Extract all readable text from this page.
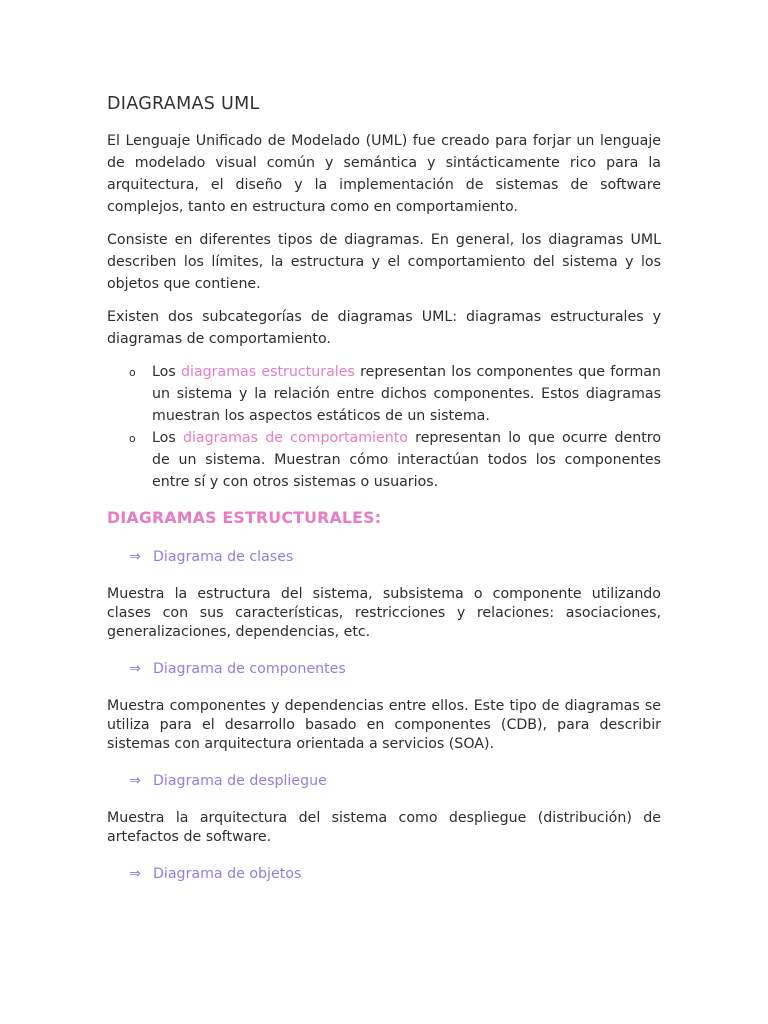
DIAGRAMAS UML

El Lenguaje Unificado de Modelado (UML) fue creado para forjar un lenguaje de modelado visual común y semántica y sintácticamente rico para la arquitectura, el diseño y la implementación de sistemas de software complejos, tanto en estructura como en comportamiento.

Consiste en diferentes tipos de diagramas. En general, los diagramas UML describen los límites, la estructura y el comportamiento del sistema y los objetos que contiene.

Existen dos subcategorías de diagramas UML: diagramas estructurales y diagramas de comportamiento.

o Los diagramas estructurales representan los componentes que forman un sistema y la relación entre dichos componentes. Estos diagramas muestran los aspectos estáticos de un sistema.
o Los diagramas de comportamiento representan lo que ocurre dentro de un sistema. Muestran cómo interactúan todos los componentes entre sí y con otros sistemas o usuarios.
DIAGRAMAS ESTRUCTURALES:
⇒ Diagrama de clases

Muestra la estructura del sistema, subsistema o componente utilizando clases con sus características, restricciones y relaciones: asociaciones, generalizaciones, dependencias, etc.

⇒ Diagrama de componentes

Muestra componentes y dependencias entre ellos. Este tipo de diagramas se utiliza para el desarrollo basado en componentes (CDB), para describir sistemas con arquitectura orientada a servicios (SOA).

⇒ Diagrama de despliegue

Muestra la arquitectura del sistema como despliegue (distribución) de artefactos de software.

⇒ Diagrama de objetos
